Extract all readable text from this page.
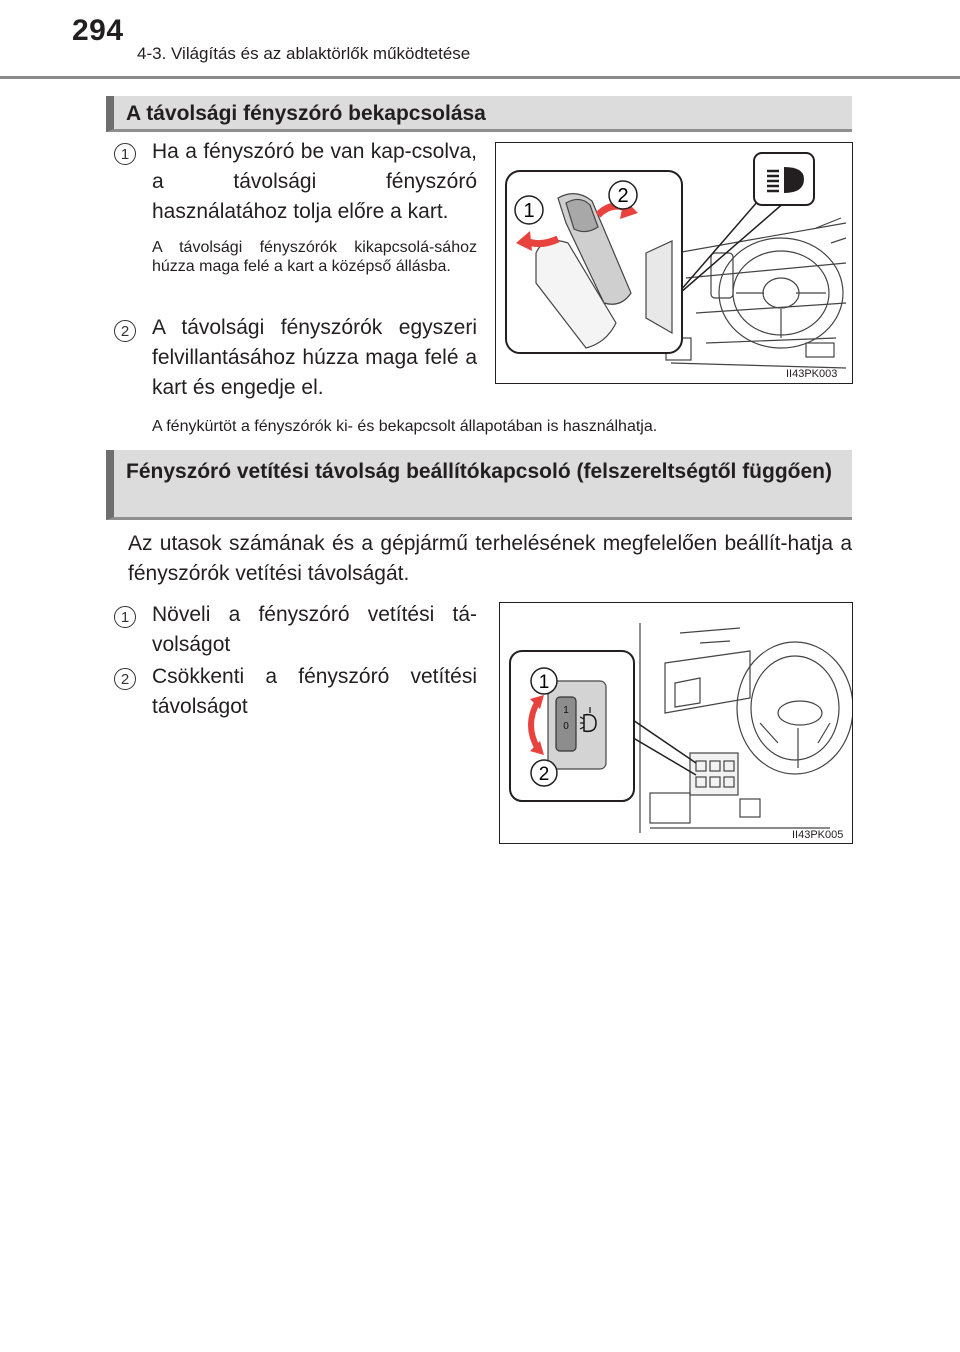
294
4-3. Világítás és az ablaktörlők működtetése
A távolsági fényszóró bekapcsolása
1	Ha a fényszóró be van kap-csolva, a távolsági fényszóró használatához tolja előre a kart.
A távolsági fényszórók kikapcsolá-sához húzza maga felé a kart a középső állásba.
2	A távolsági fényszórók egyszeri felvillantásához húzza maga felé a kart és engedje el.
A fénykürtöt a fényszórók ki- és bekapcsolt állapotában is használhatja.
1
2
II43PK003
Fényszóró vetítési távolság beállítókapcsoló (felszereltségtől függően)
Az utasok számának és a gépjármű terhelésének megfelelően beállít-hatja a fényszórók vetítési távolságát.
1	Növeli a fényszóró vetítési tá-volságot
2	Csökkenti a fényszóró vetítési távolságot	1
0
1
2
II43PK005
